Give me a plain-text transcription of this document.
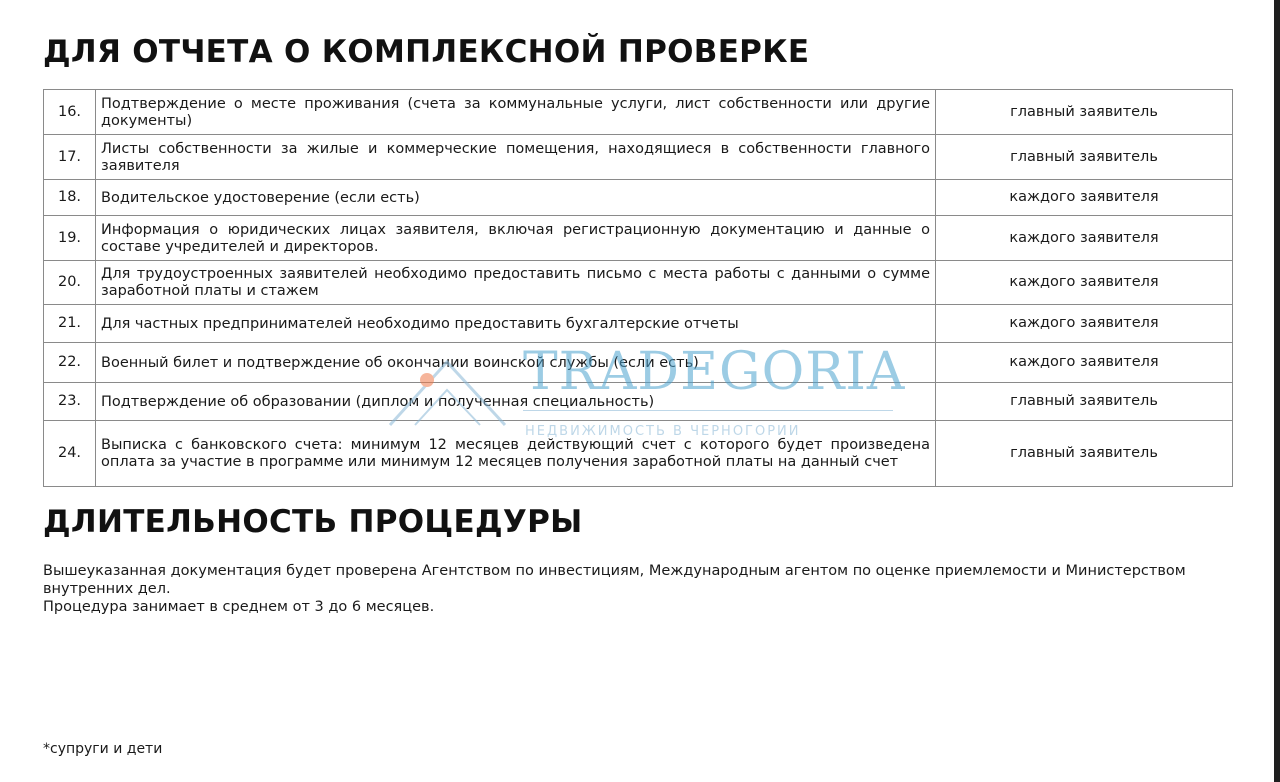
ДЛЯ ОТЧЕТА О КОМПЛЕКСНОЙ ПРОВЕРКЕ
16.	Подтверждение о месте проживания (счета за коммунальные услуги, лист собственности или другие документы)	главный заявитель
17.	Листы собственности за жилые и коммерческие помещения, находящиеся в собственности главного заявителя	главный заявитель
18.	Водительское удостоверение (если есть)	каждого заявителя
19.	Информация о юридических лицах заявителя, включая регистрационную документацию и данные о составе учредителей и директоров.	каждого заявителя
20.	Для трудоустроенных заявителей необходимо предоставить письмо с места работы с данными о сумме заработной платы и стажем	каждого заявителя
21.	Для частных предпринимателей необходимо предоставить бухгалтерские отчеты	каждого заявителя
22.	Военный билет и подтверждение об окончании воинской службы (если есть)	каждого заявителя
23.	Подтверждение об образовании (диплом и полученная специальность)	главный заявитель
24.	Выписка с банковского счета: минимум 12 месяцев действующий счет с которого будет произведена оплата за участие в программе или минимум 12 месяцев получения заработной платы на данный счет	главный заявитель
TRADEGORIA
НЕДВИЖИМОСТЬ В ЧЕРНОГОРИИ
ДЛИТЕЛЬНОСТЬ ПРОЦЕДУРЫ

Вышеуказанная документация будет проверена Агентством по инвестициям, Международным агентом по оценке приемлемости и Министерством внутренних дел.

Процедура занимает в среднем от 3 до 6 месяцев.

*супруги и дети
